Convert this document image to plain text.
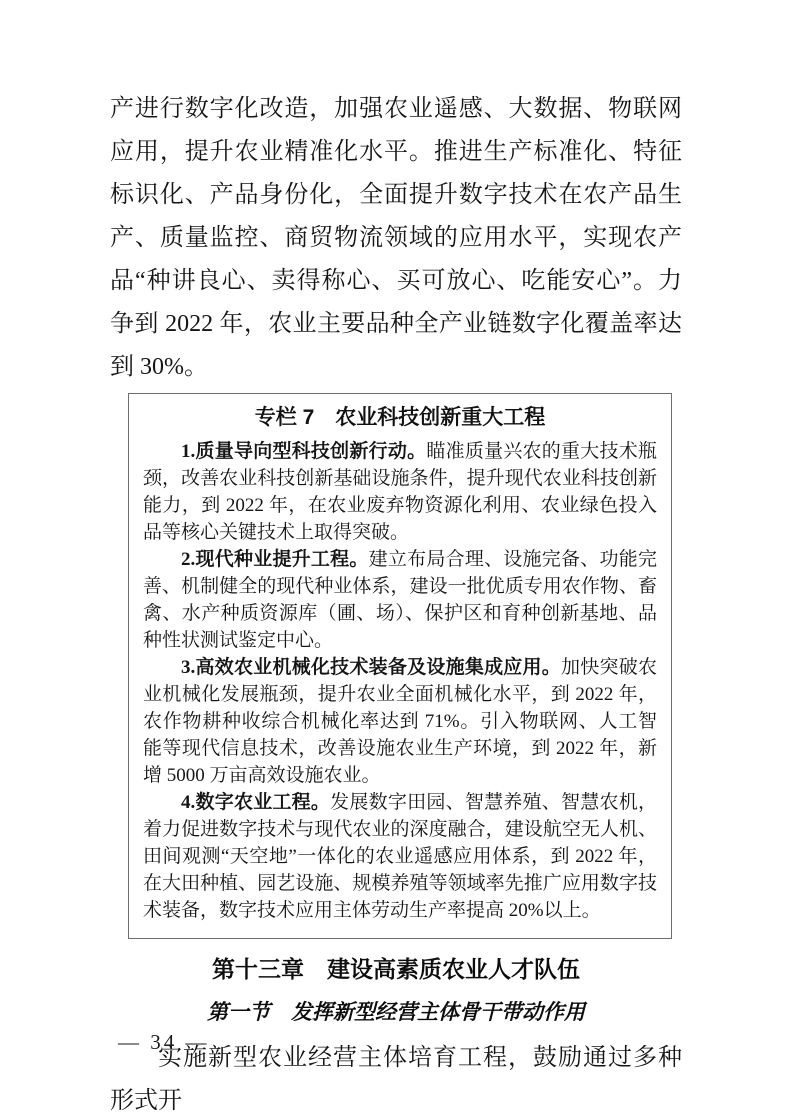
产进行数字化改造，加强农业遥感、大数据、物联网应用，提升农业精准化水平。推进生产标准化、特征标识化、产品身份化，全面提升数字技术在农产品生产、质量监控、商贸物流领域的应用水平，实现农产品“种讲良心、卖得称心、买可放心、吃能安心”。力争到 2022 年，农业主要品种全产业链数字化覆盖率达到 30%。

专栏 7　农业科技创新重大工程

1.质量导向型科技创新行动。瞄准质量兴农的重大技术瓶颈，改善农业科技创新基础设施条件，提升现代农业科技创新能力，到 2022 年，在农业废弃物资源化利用、农业绿色投入品等核心关键技术上取得突破。

2.现代种业提升工程。建立布局合理、设施完备、功能完善、机制健全的现代种业体系，建设一批优质专用农作物、畜禽、水产种质资源库（圃、场）、保护区和育种创新基地、品种性状测试鉴定中心。

3.高效农业机械化技术装备及设施集成应用。加快突破农业机械化发展瓶颈，提升农业全面机械化水平，到 2022 年，农作物耕种收综合机械化率达到 71%。引入物联网、人工智能等现代信息技术，改善设施农业生产环境，到 2022 年，新增 5000 万亩高效设施农业。

4.数字农业工程。发展数字田园、智慧养殖、智慧农机，着力促进数字技术与现代农业的深度融合，建设航空无人机、田间观测“天空地”一体化的农业遥感应用体系，到 2022 年，在大田种植、园艺设施、规模养殖等领域率先推广应用数字技术装备，数字技术应用主体劳动生产率提高 20%以上。

第十三章　建设高素质农业人才队伍
第一节　发挥新型经营主体骨干带动作用

实施新型农业经营主体培育工程，鼓励通过多种形式开

— 34 —
